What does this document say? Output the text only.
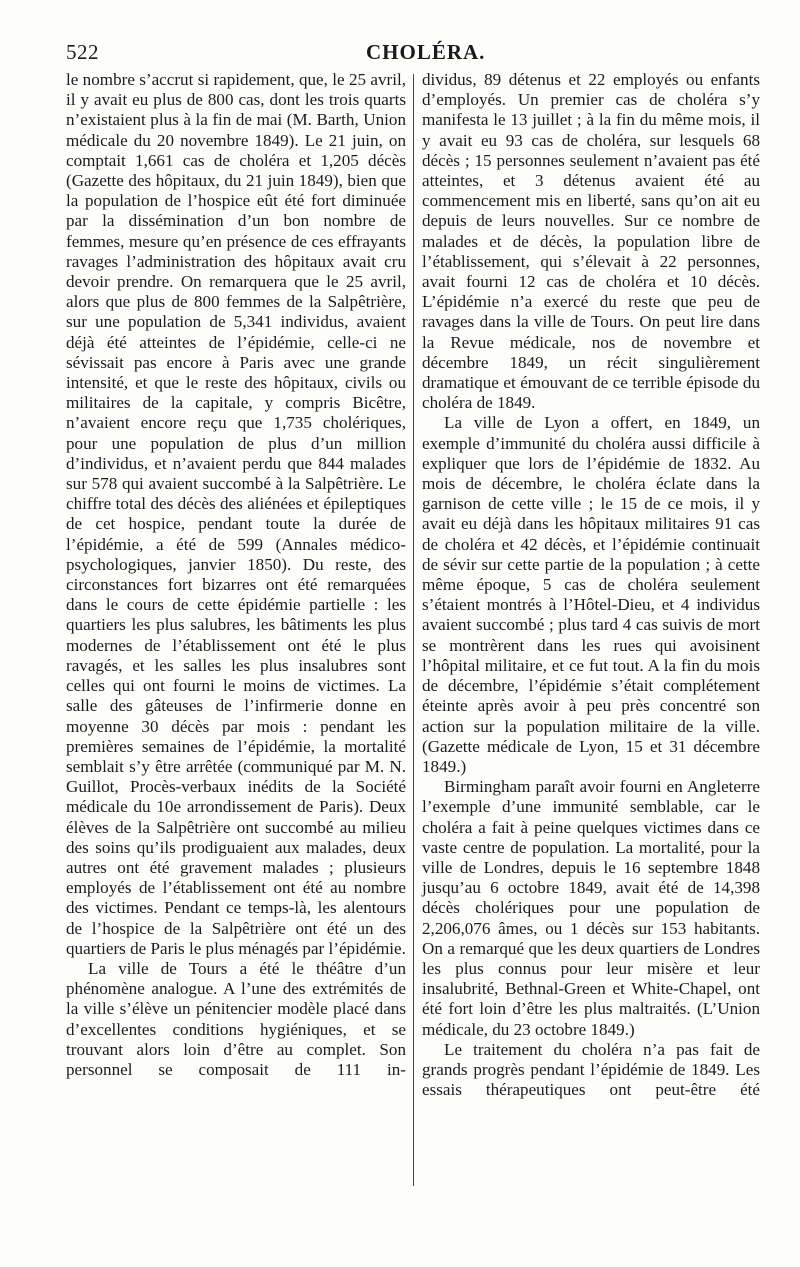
522	CHOLÉRA.

le nombre s’accrut si rapidement, que, le 25 avril, il y avait eu plus de 800 cas, dont les trois quarts n’existaient plus à la fin de mai (M. Barth, Union médicale du 20 novembre 1849). Le 21 juin, on comptait 1,661 cas de choléra et 1,205 décès (Gazette des hôpitaux, du 21 juin 1849), bien que la population de l’hospice eût été fort diminuée par la dissémination d’un bon nombre de femmes, mesure qu’en présence de ces effrayants ravages l’administration des hôpitaux avait cru devoir prendre. On remarquera que le 25 avril, alors que plus de 800 femmes de la Salpêtrière, sur une population de 5,341 individus, avaient déjà été atteintes de l’épidémie, celle-ci ne sévissait pas encore à Paris avec une grande intensité, et que le reste des hôpitaux, civils ou militaires de la capitale, y compris Bicêtre, n’avaient encore reçu que 1,735 cholériques, pour une population de plus d’un million d’individus, et n’avaient perdu que 844 malades sur 578 qui avaient succombé à la Salpêtrière. Le chiffre total des décès des aliénées et épileptiques de cet hospice, pendant toute la durée de l’épidémie, a été de 599 (Annales médico-psychologiques, janvier 1850). Du reste, des circonstances fort bizarres ont été remarquées dans le cours de cette épidémie partielle : les quartiers les plus salubres, les bâtiments les plus modernes de l’établissement ont été le plus ravagés, et les salles les plus insalubres sont celles qui ont fourni le moins de victimes. La salle des gâteuses de l’infirmerie donne en moyenne 30 décès par mois : pendant les premières semaines de l’épidémie, la mortalité semblait s’y être arrêtée (communiqué par M. N. Guillot, Procès-verbaux inédits de la Société médicale du 10e arrondissement de Paris). Deux élèves de la Salpêtrière ont succombé au milieu des soins qu’ils prodiguaient aux malades, deux autres ont été gravement malades ; plusieurs employés de l’établissement ont été au nombre des victimes. Pendant ce temps-là, les alentours de l’hospice de la Salpêtrière ont été un des quartiers de Paris le plus ménagés par l’épidémie.

La ville de Tours a été le théâtre d’un phénomène analogue. A l’une des extrémités de la ville s’élève un pénitencier modèle placé dans d’excellentes conditions hygiéniques, et se trouvant alors loin d’être au complet. Son personnel se composait de 111 in-

dividus, 89 détenus et 22 employés ou enfants d’employés. Un premier cas de choléra s’y manifesta le 13 juillet ; à la fin du même mois, il y avait eu 93 cas de choléra, sur lesquels 68 décès ; 15 personnes seulement n’avaient pas été atteintes, et 3 détenus avaient été au commencement mis en liberté, sans qu’on ait eu depuis de leurs nouvelles. Sur ce nombre de malades et de décès, la population libre de l’établissement, qui s’élevait à 22 personnes, avait fourni 12 cas de choléra et 10 décès. L’épidémie n’a exercé du reste que peu de ravages dans la ville de Tours. On peut lire dans la Revue médicale, nos de novembre et décembre 1849, un récit singulièrement dramatique et émouvant de ce terrible épisode du choléra de 1849.

La ville de Lyon a offert, en 1849, un exemple d’immunité du choléra aussi difficile à expliquer que lors de l’épidémie de 1832. Au mois de décembre, le choléra éclate dans la garnison de cette ville ; le 15 de ce mois, il y avait eu déjà dans les hôpitaux militaires 91 cas de choléra et 42 décès, et l’épidémie continuait de sévir sur cette partie de la population ; à cette même époque, 5 cas de choléra seulement s’étaient montrés à l’Hôtel-Dieu, et 4 individus avaient succombé ; plus tard 4 cas suivis de mort se montrèrent dans les rues qui avoisinent l’hôpital militaire, et ce fut tout. A la fin du mois de décembre, l’épidémie s’était complétement éteinte après avoir à peu près concentré son action sur la population militaire de la ville. (Gazette médicale de Lyon, 15 et 31 décembre 1849.)

Birmingham paraît avoir fourni en Angleterre l’exemple d’une immunité semblable, car le choléra a fait à peine quelques victimes dans ce vaste centre de population. La mortalité, pour la ville de Londres, depuis le 16 septembre 1848 jusqu’au 6 octobre 1849, avait été de 14,398 décès cholériques pour une population de 2,206,076 âmes, ou 1 décès sur 153 habitants. On a remarqué que les deux quartiers de Londres les plus connus pour leur misère et leur insalubrité, Bethnal-Green et White-Chapel, ont été fort loin d’être les plus maltraités. (L’Union médicale, du 23 octobre 1849.)

Le traitement du choléra n’a pas fait de grands progrès pendant l’épidémie de 1849. Les essais thérapeutiques ont peut-être été
